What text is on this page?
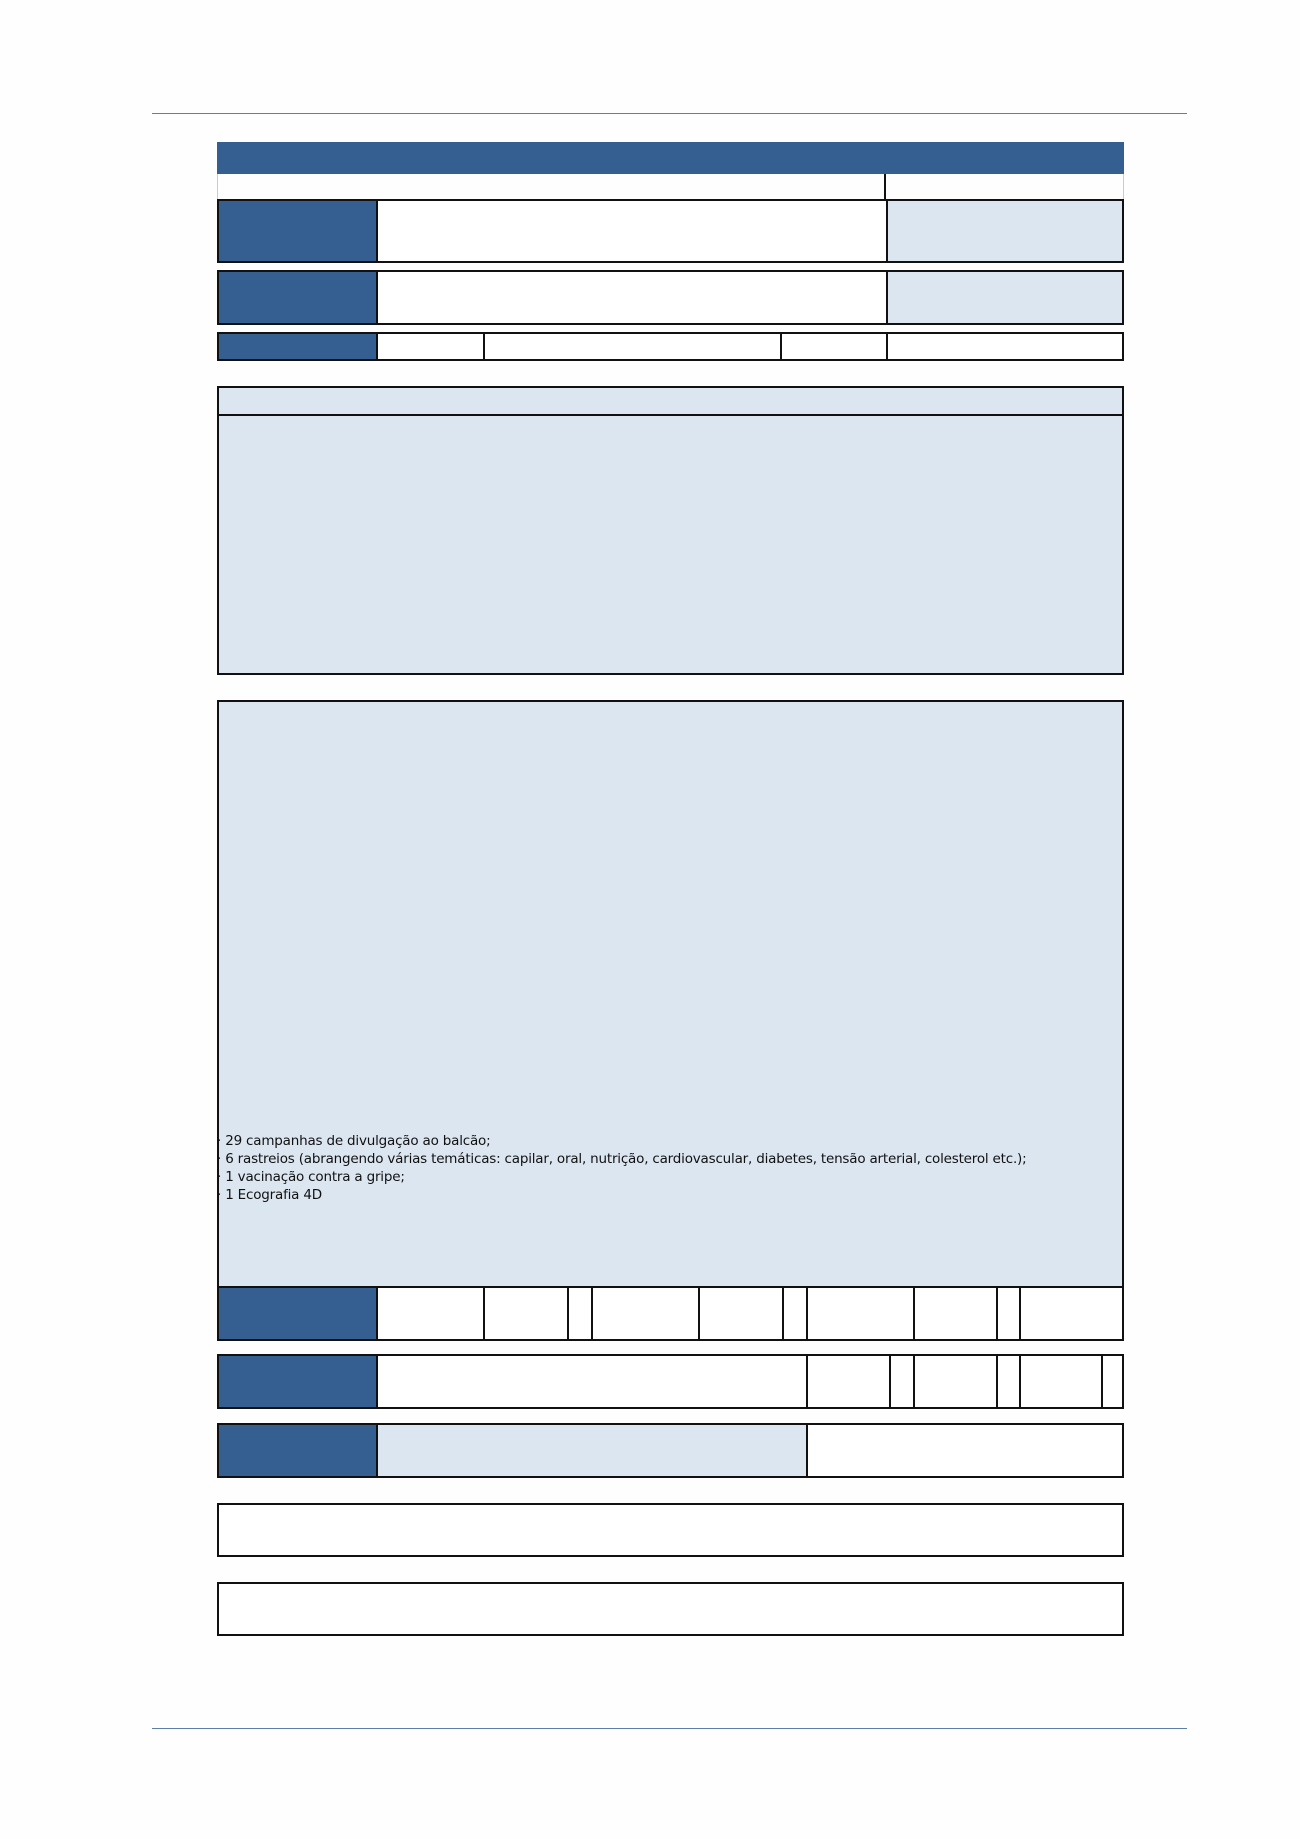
· 29 campanhas de divulgação ao balcão;
· 6 rastreios (abrangendo várias temáticas: capilar, oral, nutrição, cardiovascular, diabetes, tensão arterial, colesterol etc.);
· 1 vacinação contra a gripe;
· 1 Ecografia 4D
